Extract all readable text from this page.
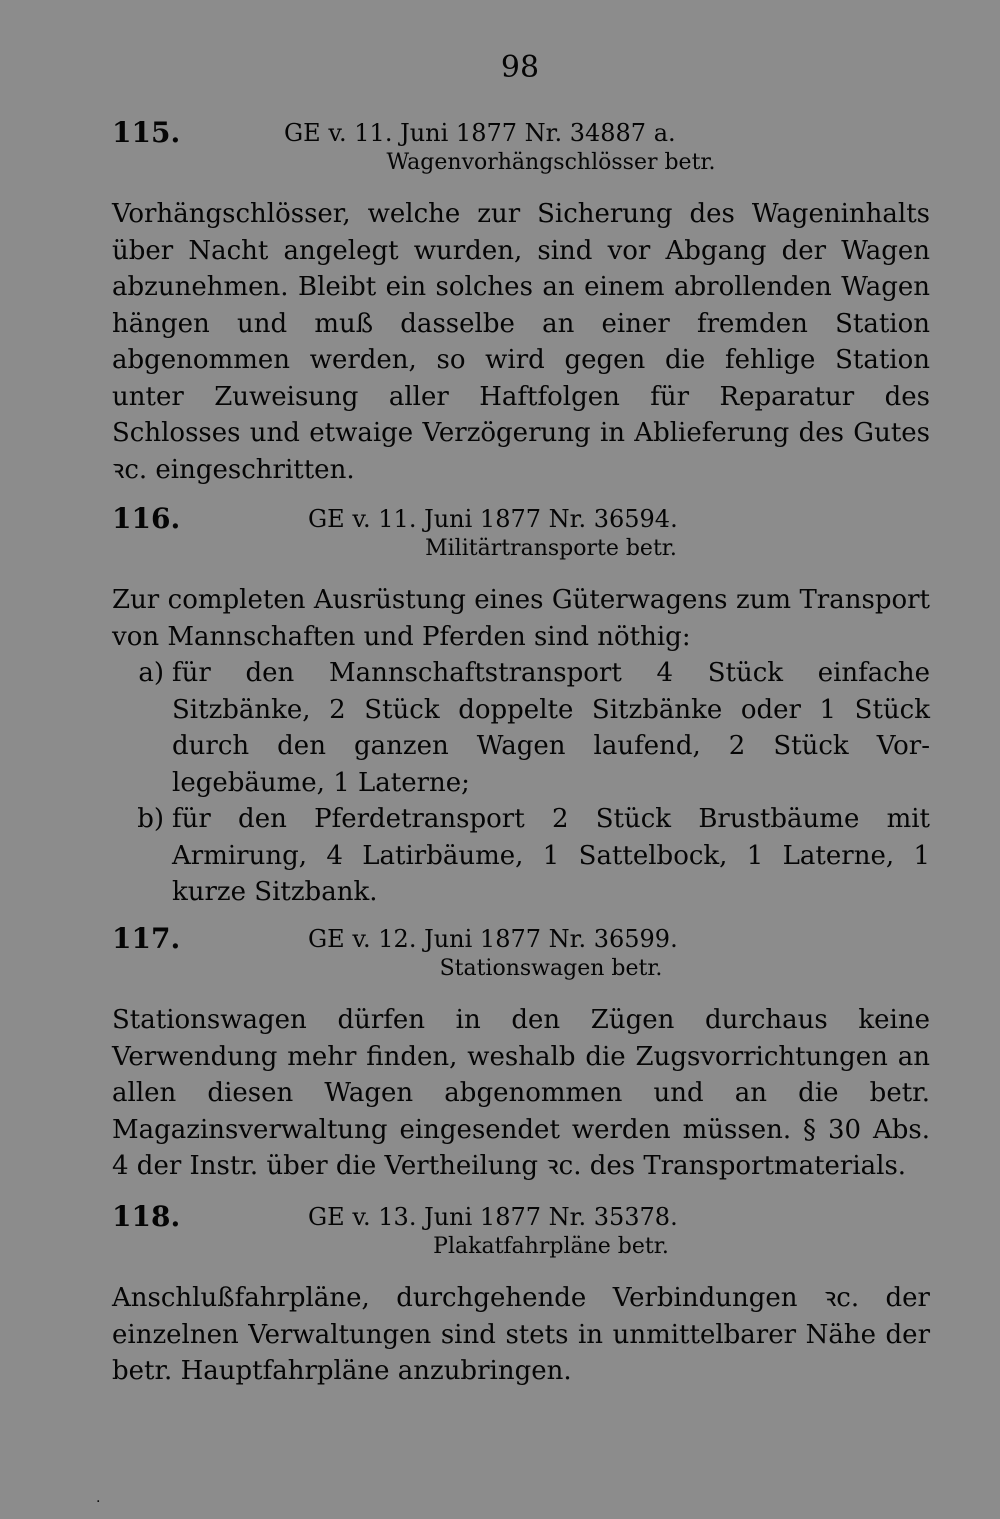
98
115.	GE v. 11. Juni 1877 Nr. 34887 a.
Wagenvorhängschlösser betr.
Vorhängschlösser, welche zur Sicherung des Wageninhalts über Nacht angelegt wurden, sind vor Abgang der Wagen abzunehmen. Bleibt ein solches an einem abrollenden Wagen hängen und muß dasselbe an einer fremden Station abgenommen werden, so wird gegen die fehlige Station unter Zuweisung aller Haftfolgen für Reparatur des Schlosses und etwaige Verzögerung in Ablieferung des Gutes ꝛc. eingeschritten.
116.	GE v. 11. Juni 1877 Nr. 36594.
Militärtransporte betr.
Zur completen Ausrüstung eines Güterwagens zum Transport von Mannschaften und Pferden sind nöthig:
a) für den Mannschaftstransport 4 Stück einfache Sitzbänke, 2 Stück doppelte Sitzbänke oder 1 Stück durch den ganzen Wagen laufend, 2 Stück Vorlegebäume, 1 Laterne;
b) für den Pferdetransport 2 Stück Brustbäume mit Armirung, 4 Latirbäume, 1 Sattelbock, 1 Laterne, 1 kurze Sitzbank.
117.	GE v. 12. Juni 1877 Nr. 36599.
Stationswagen betr.
Stationswagen dürfen in den Zügen durchaus keine Verwendung mehr finden, weshalb die Zugsvorrichtungen an allen diesen Wagen abgenommen und an die betr. Magazinsverwaltung eingesendet werden müssen. § 30 Abs. 4 der Instr. über die Vertheilung ꝛc. des Transportmaterials.
118.	GE v. 13. Juni 1877 Nr. 35378.
Plakatfahrpläne betr.
Anschlußfahrpläne, durchgehende Verbindungen ꝛc. der einzelnen Verwaltungen sind stets in unmittelbarer Nähe der betr. Hauptfahrpläne anzubringen.
.
